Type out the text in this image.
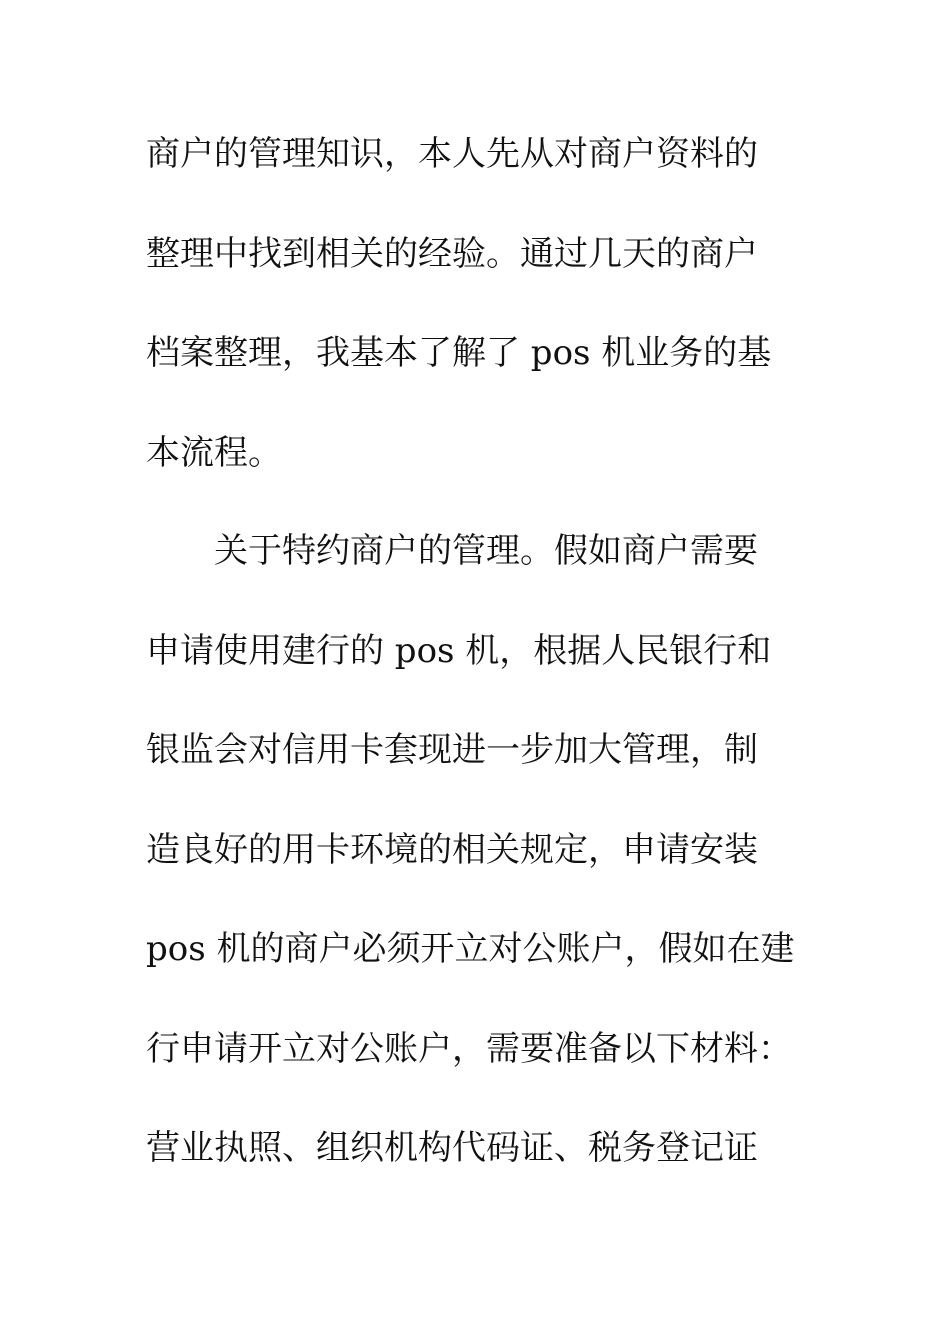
商户的管理知识，本人先从对商户资料的
整理中找到相关的经验。通过几天的商户
档案整理，我基本了解了 pos 机业务的基
本流程。
关于特约商户的管理。假如商户需要
申请使用建行的 pos 机，根据人民银行和
银监会对信用卡套现进一步加大管理，制
造良好的用卡环境的相关规定，申请安装
pos 机的商户必须开立对公账户，假如在建
行申请开立对公账户，需要准备以下材料：
营业执照、组织机构代码证、税务登记证
